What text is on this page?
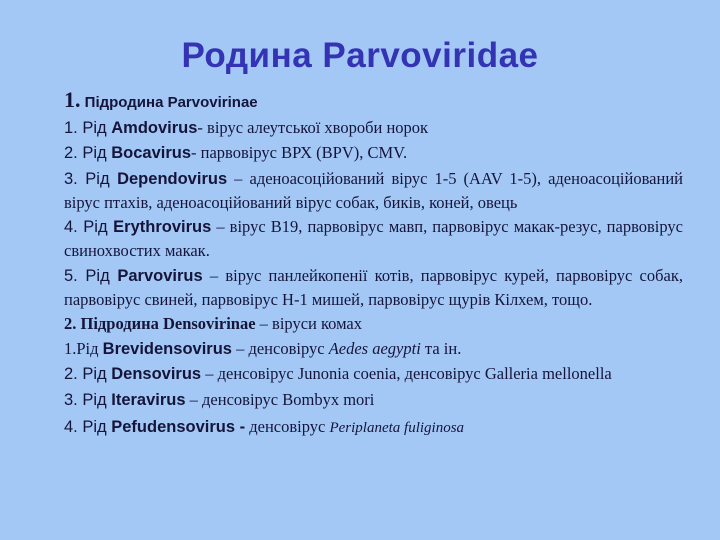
Родина Parvoviridae

1. Підродина Parvovirinae

1. Рід Amdovirus- вірус алеутської хвороби норок

2. Рід Bocavirus- парвовірус ВРХ (BPV), CMV.

3. Рід Dependovirus – аденоасоційований вірус 1-5 (AAV 1-5), аденоасоційований вірус птахів, аденоасоційований вірус собак, биків, коней, овець

4. Рід Erythrovirus – вірус B19, парвовірус мавп, парвовірус макак-резус, парвовірус свинохвостих макак.

5. Рід Parvovirus – вірус панлейкопенії котів, парвовірус курей, парвовірус собак, парвовірус свиней, парвовірус H-1 мишей, парвовірус щурів Кілхем, тощо.

2. Підродина Densovirinae – віруси комах

1.Рід Brevidensovirus – денсовірус Aedes aegypti та ін.

2. Рід Densovirus – денсовірус Junonia coenia, денсовірус Galleria mellonella

3. Рід Iteravirus – денсовірус Bombyx mori

4. Рід Pefudensovirus - денсовірус Periplaneta fuliginosa
